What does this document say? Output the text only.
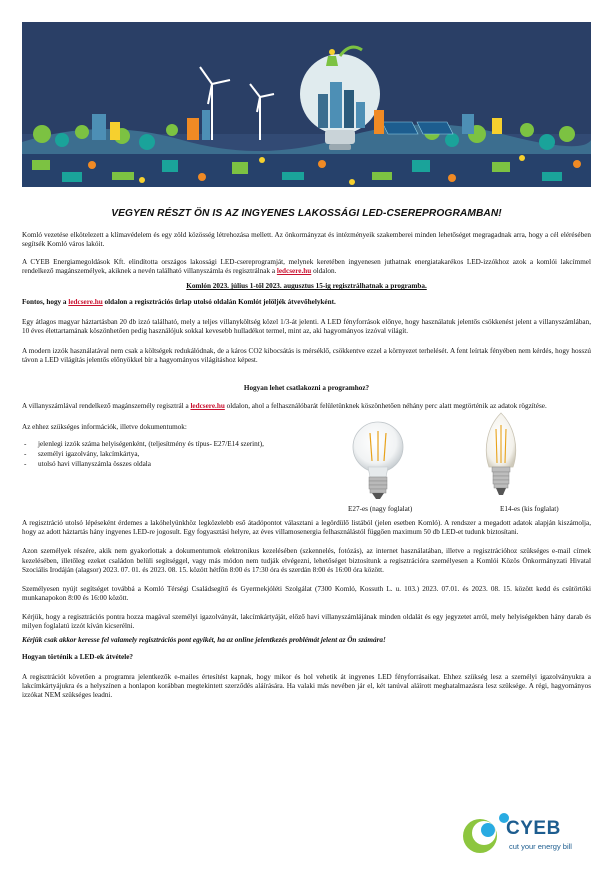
VEGYEN RÉSZT ÖN IS AZ INGYENES LAKOSSÁGI LED-CSEREPROGRAMBAN!

Komló vezetése elkötelezett a klímavédelem és egy zöld közösség létrehozása mellett. Az önkormányzat és intézményeik szakemberei minden lehetőséget megragadnak arra, hogy a cél elérésében segítsék Komló város lakóit.

A CYEB Energiamegoldások Kft. elindította országos lakossági LED-csereprogramját, melynek keretében ingyenesen juthatnak energiatakarékos LED-izzókhoz azok a komlói lakcímmel rendelkező magánszemélyek, akiknek a nevén található villanyszámla és regisztrálnak a ledcsere.hu oldalon.

Komlón 2023. július 1-től 2023. augusztus 15-ig regisztrálhatnak a programba.

Fontos, hogy a ledcsere.hu oldalon a regisztrációs űrlap utolsó oldalán Komlót jelöljék átvevőhelyként.

Egy átlagos magyar háztartásban 20 db izzó található, mely a teljes villanyköltség közel 1/3-át jelenti. A LED fényforrások előnye, hogy használatuk jelentős csökkenést jelent a villanyszámlában, 10 éves élettartamának köszönhetően pedig használójuk sokkal kevesebb hulladékot termel, mint az, aki hagyományos izzóval világít.

A modern izzók használatával nem csak a költségek redukálódnak, de a káros CO2 kibocsátás is mérséklő, csökkentve ezzel a környezet terhelését. A fent leírtak fényében nem kérdés, hogy hosszú távon a LED világítás jelentős előnyökkel bír a hagyományos világításhoz képest.

Hogyan lehet csatlakozni a programhoz?

A villanyszámlával rendelkező magánszemély regisztrál a ledcsere.hu oldalon, ahol a felhasználóbarát felületünknek köszönhetően néhány perc alatt megtörténik az adatok rögzítése.

Az ehhez szükséges információk, illetve dokumentumok:

- jelenlegi izzók száma helyiségenként, (teljesítmény és típus- E27/E14 szerint),
- személyi igazolvány, lakcímkártya,
- utolsó havi villanyszámla összes oldala
E27-es (nagy foglalat)	E14-es (kis foglalat)

A regisztráció utolsó lépéseként érdemes a lakóhelyünkhöz legközelebb eső átadópontot választani a legördülő listából (jelen esetben Komló). A rendszer a megadott adatok alapján kiszámolja, hogy az adott háztartás hány ingyenes LED-re jogosult. Egy fogyasztási helyre, az éves villamosenergia felhasználástól függően maximum 50 db LED-et tudunk biztosítani.

Azon személyek részére, akik nem gyakorlottak a dokumentumok elektronikus kezelésében (szkennelés, fotózás), az internet használatában, illetve a regisztrációhoz szükséges e-mail címek kezelésében, illetőleg ezeket családon belüli segítséggel, vagy más módon nem tudják elvégezni, lehetőséget biztosítunk a regisztrációra személyesen a Komlói Közös Önkormányzati Hivatal Szociális Irodáján (alagsor) 2023. 07. 01. és 2023. 08. 15. között hétfőn 8:00 és 17:30 óra és szerdán 8:00 és 16:00 óra között.

Személyesen nyújt segítséget továbbá a Komló Térségi Családsegítő és Gyermekjóléti Szolgálat (7300 Komló, Kossuth L. u. 103.) 2023. 07.01. és 2023. 08. 15. között kedd és csütörtöki munkanapokon 8:00 és 16:00 között.

Kérjük, hogy a regisztrációs pontra hozza magával személyi igazolványát, lakcímkártyáját, előző havi villanyszámlájának minden oldalát és egy jegyzetet arról, mely helyiségekben hány darab és milyen foglalatú izzót kíván kicserélni.

Kérjük csak akkor keresse fel valamely regisztrációs pont egyikét, ha az online jelentkezés problémát jelent az Ön számára!

Hogyan történik a LED-ek átvétele?

A regisztrációt követően a programra jelentkezők e-mailes értesítést kapnak, hogy mikor és hol vehetik át ingyenes LED fényforrásaikat. Ehhez szükség lesz a személyi igazolványukra a lakcímkártyájukra és a helyszínen a honlapon korábban megtekintett szerződés aláírására. Ha valaki más nevében jár el, két tanúval aláírott meghatalmazásra lesz szüksége. A régi, hagyományos izzókat NEM szükséges leadni.

CYEB
cut your energy bill
